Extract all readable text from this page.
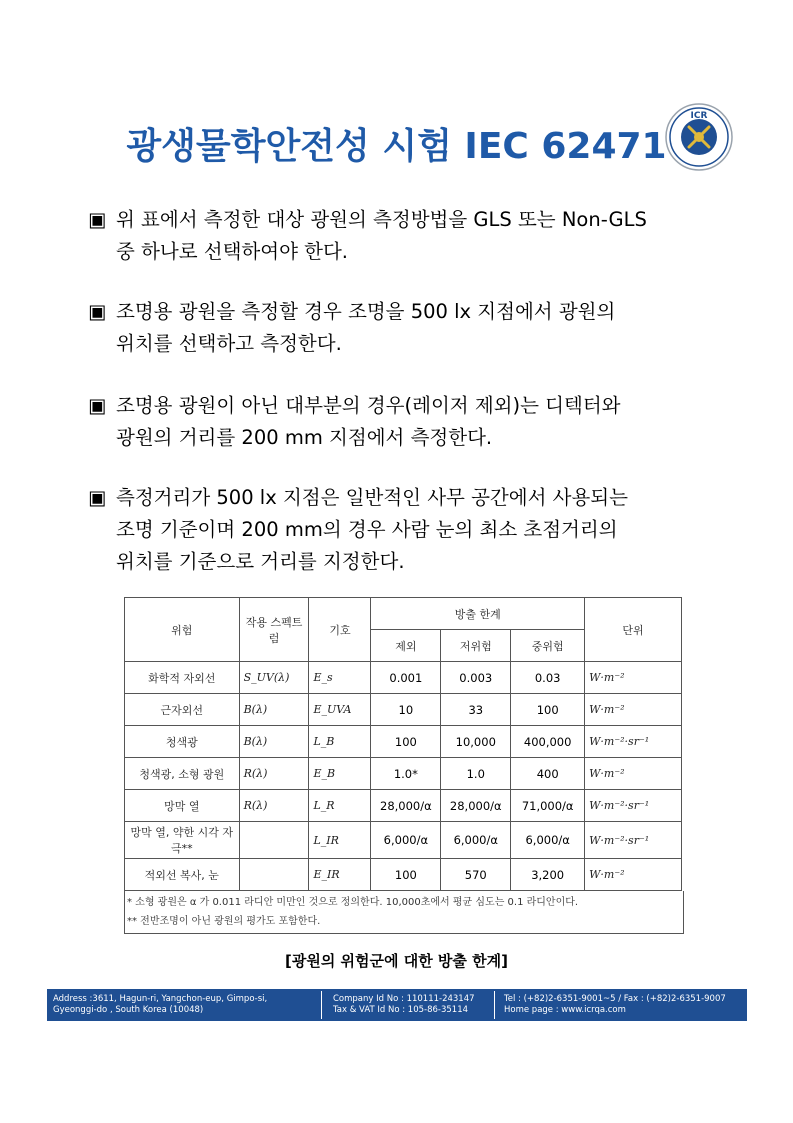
광생물학안전성 시험 IEC 62471
ICR
▣ 위 표에서 측정한 대상 광원의 측정방법을 GLS 또는 Non-GLS
중 하나로 선택하여야 한다.
▣ 조명용 광원을 측정할 경우 조명을 500 lx 지점에서 광원의
위치를 선택하고 측정한다.
▣ 조명용 광원이 아닌 대부분의 경우(레이저 제외)는 디텍터와
광원의 거리를 200 mm 지점에서 측정한다.
▣ 측정거리가 500 lx 지점은 일반적인 사무 공간에서 사용되는
조명 기준이며 200 mm의 경우 사람 눈의 최소 초점거리의
위치를 기준으로 거리를 지정한다.
위험	작용 스펙트럼	기호	방출 한계			단위
			제외	저위험	중위험	
화학적 자외선	S_UV(λ)	E_s	0.001	0.003	0.03	W·m⁻²
근자외선	B(λ)	E_UVA	10	33	100	W·m⁻²
청색광	B(λ)	L_B	100	10,000	400,000	W·m⁻²·sr⁻¹
청색광, 소형 광원	R(λ)	E_B	1.0*	1.0	400	W·m⁻²
망막 열	R(λ)	L_R	28,000/α	28,000/α	71,000/α	W·m⁻²·sr⁻¹
망막 열, 약한 시각 자극**		L_IR	6,000/α	6,000/α	6,000/α	W·m⁻²·sr⁻¹
적외선 복사, 눈		E_IR	100	570	3,200	W·m⁻²
* 소형 광원은 α 가 0.011 라디안 미만인 것으로 정의한다. 10,000초에서 평균 심도는 0.1 라디안이다.
** 전반조명이 아닌 광원의 평가도 포함한다.
[광원의 위험군에 대한 방출 한계]
Address :3611, Hagun-ri, Yangchon-eup, Gimpo-si,
Gyeonggi-do , South Korea (10048)
Company Id No : 110111-243147
Tax & VAT Id No : 105-86-35114
Tel : (+82)2-6351-9001~5 / Fax : (+82)2-6351-9007
Home page : www.icrqa.com
